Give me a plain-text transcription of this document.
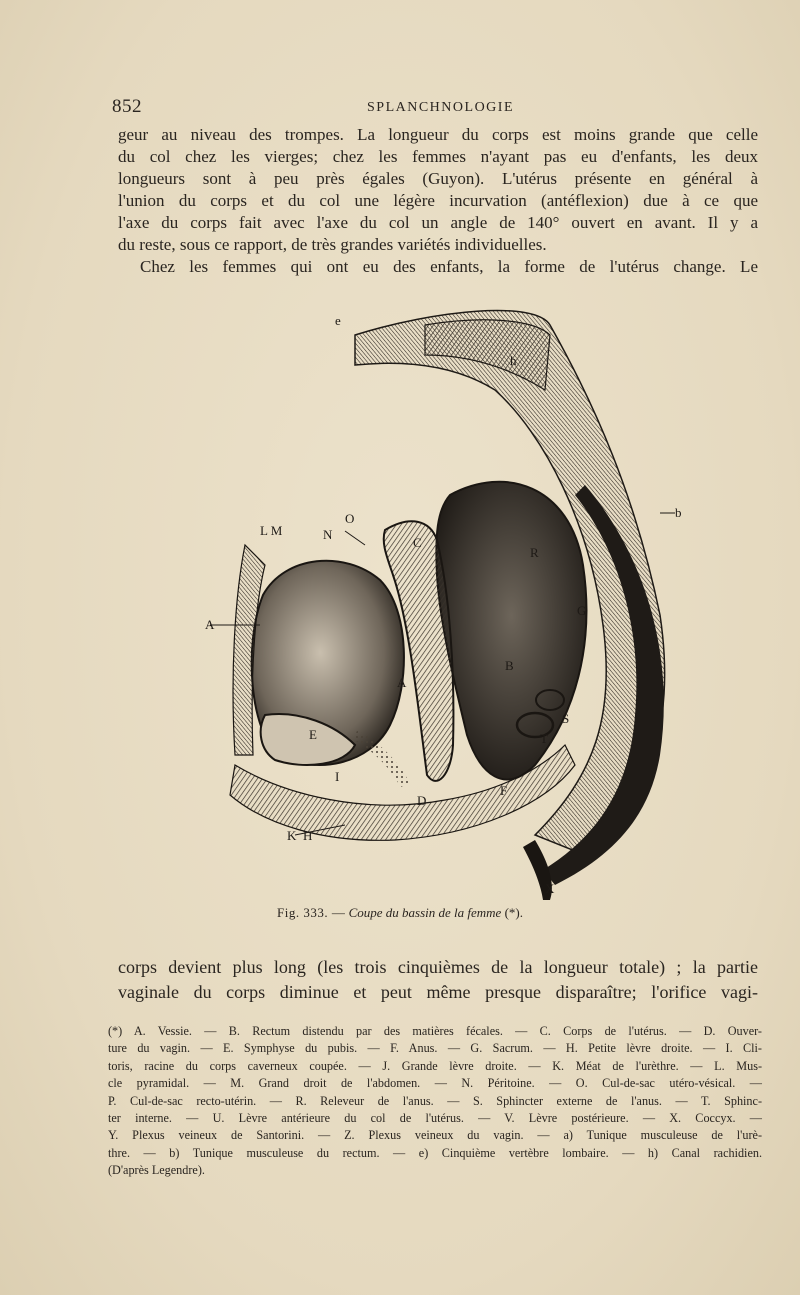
852	SPLANCHNOLOGIE

geur au niveau des trompes. La longueur du corps est moins grande que celle
du col chez les vierges; chez les femmes n'ayant pas eu d'enfants, les deux
longueurs sont à peu près égales (Guyon). L'utérus présente en général à
l'union du corps et du col une légère incurvation (antéflexion) due à ce que
l'axe du corps fait avec l'axe du col un angle de 140° ouvert en avant. Il y a
du reste, sous ce rapport, de très grandes variétés individuelles.
Chez les femmes qui ont eu des enfants, la forme de l'utérus change. Le

e
h
b
L M	N
O
C
R
A
A
B
S
T
E
I
D
F
K H
G
X
Fig. 333. — Coupe du bassin de la femme (*).

corps devient plus long (les trois cinquièmes de la longueur totale) ; la partie
vaginale du corps diminue et peut même presque disparaître; l'orifice vagi-

(*) A. Vessie. — B. Rectum distendu par des matières fécales. — C. Corps de l'utérus. — D. Ouver-
ture du vagin. — E. Symphyse du pubis. — F. Anus. — G. Sacrum. — H. Petite lèvre droite. — I. Cli-
toris, racine du corps caverneux coupée. — J. Grande lèvre droite. — K. Méat de l'urèthre. — L. Mus-
cle pyramidal. — M. Grand droit de l'abdomen. — N. Péritoine. — O. Cul-de-sac utéro-vésical. —
P. Cul-de-sac recto-utérin. — R. Releveur de l'anus. — S. Sphincter externe de l'anus. — T. Sphinc-
ter interne. — U. Lèvre antérieure du col de l'utérus. — V. Lèvre postérieure. — X. Coccyx. —
Y. Plexus veineux de Santorini. — Z. Plexus veineux du vagin. — a) Tunique musculeuse de l'urè-
thre. — b) Tunique musculeuse du rectum. — e) Cinquième vertèbre lombaire. — h) Canal rachidien.
(D'après Legendre).
